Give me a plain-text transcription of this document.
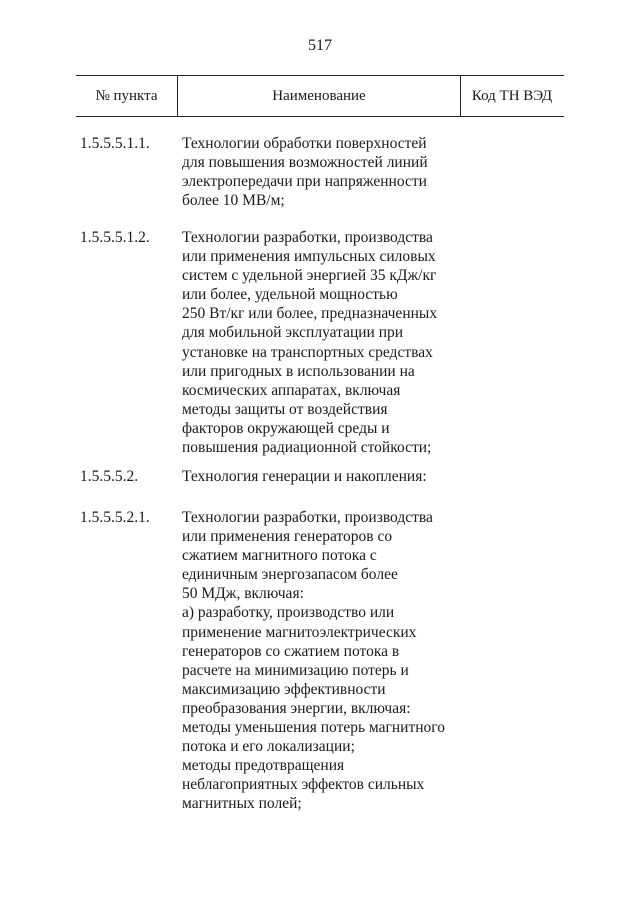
517
№ пункта	Наименование	Код ТН ВЭД
1.5.5.5.1.1. Технологии обработки поверхностей
для повышения возможностей линий
электропередачи при напряженности
более 10 МВ/м;
1.5.5.5.1.2. Технологии разработки, производства
или применения импульсных силовых
систем с удельной энергией 35 кДж/кг
или более, удельной мощностью
250 Вт/кг или более, предназначенных
для мобильной эксплуатации при
установке на транспортных средствах
или пригодных в использовании на
космических аппаратах, включая
методы защиты от воздействия
факторов окружающей среды и
повышения радиационной стойкости;
1.5.5.5.2.	Технология генерации и накопления:
1.5.5.5.2.1. Технологии разработки, производства
или применения генераторов со
сжатием магнитного потока с
единичным энергозапасом более
50 МДж, включая:
а) разработку, производство или
применение магнитоэлектрических
генераторов со сжатием потока в
расчете на минимизацию потерь и
максимизацию эффективности
преобразования энергии, включая:
методы уменьшения потерь магнитного
потока и его локализации;
методы предотвращения
неблагоприятных эффектов сильных
магнитных полей;
